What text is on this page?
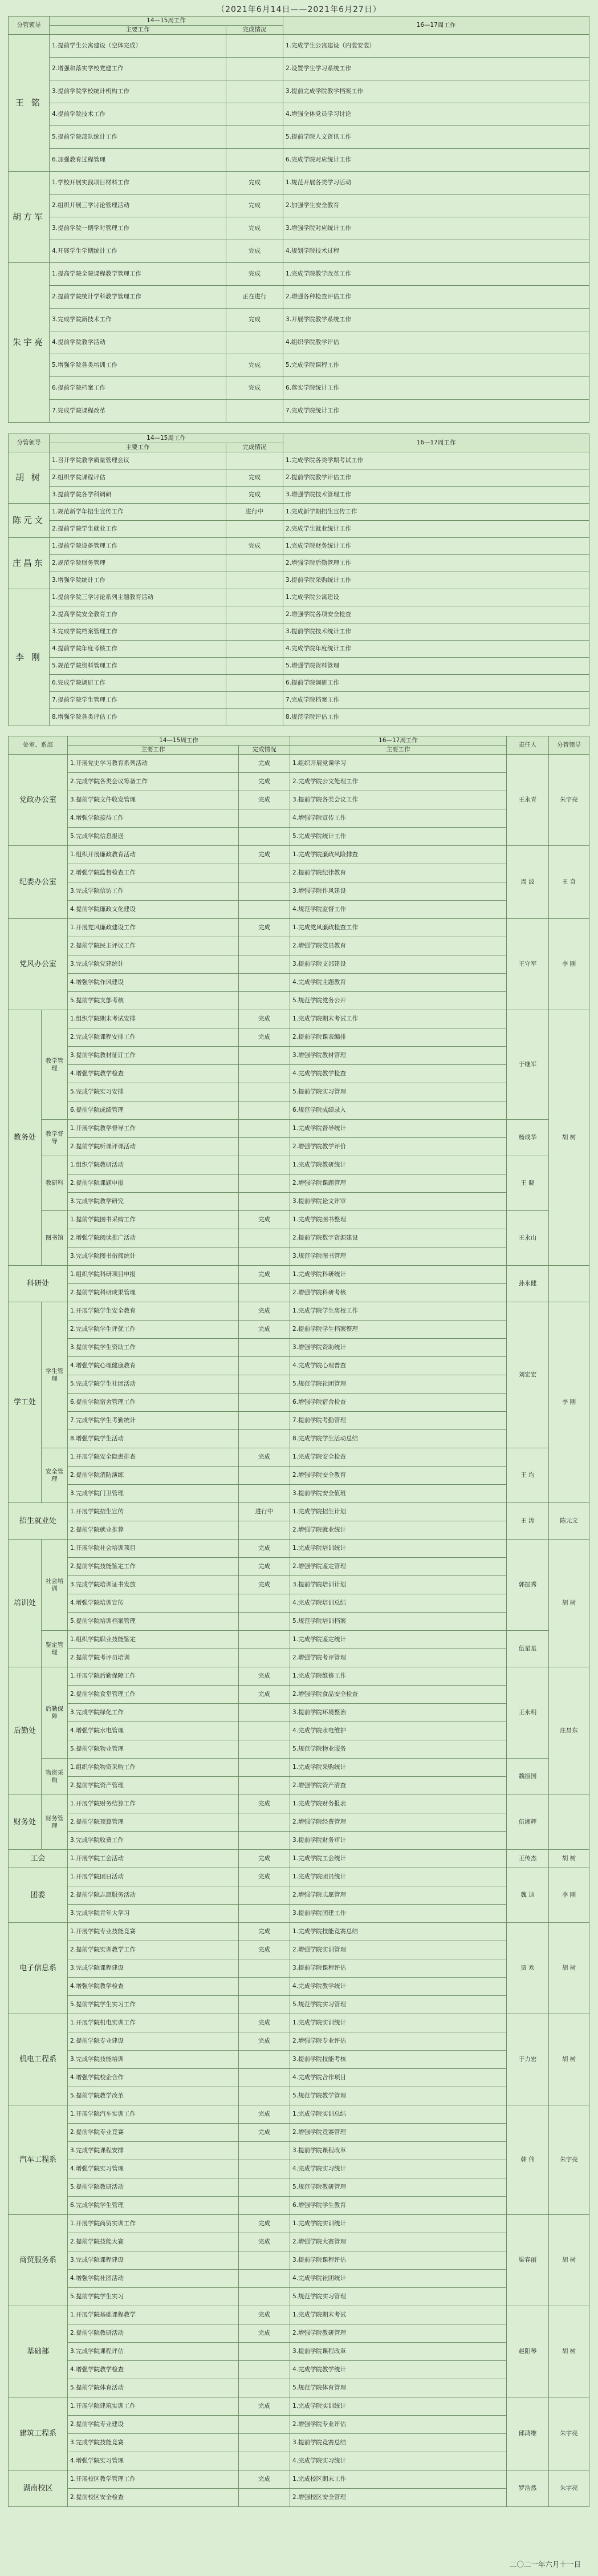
（2021年6月14日——2021年6月27日）
分管领导	14—15周工作		16—17周工作
	主要工作	完成情况	
王 铭	1.提前学生公寓建设（空体完成）		1.完成学生公寓建设（内装安装）
	2.增强和落实学校党建工作		2.设置学生学习系统工作
	3.提前学院学校统计机构工作		3.提前完成学院教学档案工作
	4.提前学院技术工作		4.增强全体党员学习讨论
	5.提前学院部队统计工作		5.提前学院人文资讯工作
	6.加强教育过程管理		6.完成学院对应统计工作
胡方军	1.学校开展实践项目材料工作	完成	1.规范开展各类学习活动
	2.组织开展三学讨论管理活动	完成	2.加强学生安全教育
	3.提前学院一期学时管理工作	完成	3.增强学院对应统计工作
	4.开展学生学期统计工作	完成	4.规划学院技术过程
朱宇亮	1.提高学院全院课程教学管理工作	完成	1.完成学院教学改革工作
	2.提前学院统计学科教学管理工作	正在进行	2.增强各种检查评估工作
	3.完成学院新技术工作	完成	3.开展学院教学系统工作
	4.提前学院教学活动		4.组织学院教学评估
	5.增强学院各类培训工作	完成	5.完成学院课程工作
	6.提前学院档案工作	完成	6.落实学院统计工作
	7.完成学院课程改革		7.完成学院统计工作
分管领导	14—15周工作		16—17周工作
	主要工作	完成情况	
胡 树	1.召开学院教学质量管理会议		1.完成学院各类学期考试工作
	2.组织学院课程评估	完成	2.提前学院教学评估工作
	3.提前学院各学科调研	完成	3.增强学院技术管理工作
陈元文	1.规范新学年招生宣传工作	进行中	1.完成新学期招生宣传工作
	2.提前学院学生就业工作		2.完成学生就业统计工作
庄昌东	1.提前学院设备管理工作	完成	1.完成学院财务统计工作
	2.规范学院财务管理		2.增强学院后勤管理工作
	3.增强学院统计工作		3.提前学院采购统计工作
李 刚	1.提前学院三学讨论系列主题教育活动		1.完成学院公寓建设
	2.提高学院安全教育工作		2.增强学院各项安全检查
	3.完成学院档案管理工作		3.提前学院技术统计工作
	4.提前学院年度考核工作		4.完成学院年度统计工作
	5.规范学院资料管理工作		5.增强学院资料管理
	6.完成学院调研工作		6.提前学院调研工作
	7.提前学院学生管理工作		7.完成学院档案工作
	8.增强学院各类评估工作		8.规范学院评估工作
处室、系部		14—15周工作		16—17周工作	责任人	分管领导
		主要工作	完成情况	主要工作		
党政办公室		1.开展党史学习教育系列活动	完成	1.组织开展党课学习	王永青	朱宇亮
		2.完成学院各类会议筹备工作	完成	2.完成学院公文处理工作		
		3.提前学院文件收发管理	完成	3.提前学院各类会议工作		
		4.增强学院接待工作		4.增强学院宣传工作		
		5.完成学院信息报送		5.完成学院统计工作		
纪委办公室		1.组织开展廉政教育活动	完成	1.完成学院廉政风险排查	周 波	王 奇
		2.增强学院监督检查工作		2.提前学院纪律教育		
		3.完成学院信访工作		3.增强学院作风建设		
		4.提前学院廉政文化建设		4.规范学院监督工作		
党风办公室		1.开展党风廉政建设工作	完成	1.完成党风廉政检查工作	王守军	李 刚
		2.提前学院民主评议工作		2.增强学院党员教育		
		3.完成学院党建统计		3.提前学院支部建设		
		4.增强学院作风建设		4.完成学院主题教育		
		5.提前学院支部考核		5.规范学院党务公开		
教务处	教学管理	1.组织学院期末考试安排	完成	1.完成学院期末考试工作	于继军	胡 树
		2.完成学院课程安排工作	完成	2.提前学院课表编排		
		3.提前学院教材征订工作		3.增强学院教材管理		
		4.增强学院教学检查		4.完成学院教学检查		
		5.完成学院实习安排		5.提前学院实习管理		
		6.提前学院成绩管理		6.规范学院成绩录入		
	教学督导	1.开展学院教学督导工作		1.完成学院督导统计	杨成华	
		2.提前学院听课评课活动		2.增强学院教学评价		
	教研科	1.组织学院教研活动		1.完成学院教研统计	王 晓	
		2.提前学院课题申报		2.增强学院课题管理		
		3.完成学院教学研究		3.提前学院论文评审		
	图书馆	1.提前学院图书采购工作	完成	1.完成学院图书整理	王永山	
		2.增强学院阅读推广活动		2.提前学院数字资源建设		
		3.完成学院图书借阅统计		3.规范学院图书管理		
科研处		1.组织学院科研项目申报	完成	1.完成学院科研统计	孙永健	
		2.提前学院科研成果管理		2.增强学院科研考核		
学工处	学生管理	1.开展学院学生安全教育	完成	1.完成学院学生离校工作	刘宏宏	李 刚
		2.完成学院学生评优工作	完成	2.提前学院学生档案整理		
		3.提前学院学生资助工作		3.增强学院资助统计		
		4.增强学院心理健康教育		4.完成学院心理普查		
		5.完成学院学生社团活动		5.规范学院社团管理		
		6.提前学院宿舍管理工作		6.增强学院宿舍检查		
		7.完成学院学生考勤统计		7.提前学院考勤管理		
		8.增强学院学生活动		8.完成学院学生活动总结		
	安全管理	1.开展学院安全隐患排查	完成	1.完成学院安全检查	王 均	
		2.提前学院消防演练		2.增强学院安全教育		
		3.完成学院门卫管理		3.提前学院安全值班		
招生就业处		1.开展学院招生宣传	进行中	1.完成学院招生计划	王 涛	陈元文
		2.提前学院就业推荐		2.增强学院就业统计		
培训处	社会培训	1.开展学院社会培训项目	完成	1.完成学院培训统计	郭振秀	胡 树
		2.提前学院技能鉴定工作	完成	2.增强学院鉴定管理		
		3.完成学院培训证书发放	完成	3.提前学院培训计划		
		4.增强学院培训宣传		4.完成学院培训总结		
		5.提前学院培训档案管理		5.规范学院培训档案		
	鉴定管理	1.组织学院职业技能鉴定		1.完成学院鉴定统计	伍星星	
		2.提前学院考评员培训		2.增强学院考评管理		
后勤处	后勤保障	1.开展学院后勤保障工作	完成	1.完成学院维修工作	王永明	庄昌东
		2.提前学院食堂管理工作	完成	2.增强学院食品安全检查		
		3.完成学院绿化工作		3.提前学院环境整治		
		4.增强学院水电管理		4.完成学院水电维护		
		5.提前学院物业管理		5.规范学院物业服务		
	物资采购	1.组织学院物资采购工作		1.完成学院采购统计	魏振国	
		2.提前学院资产管理		2.增强学院资产清查		
财务处	财务管理	1.开展学院财务结算工作	完成	1.完成学院财务报表	伍湘辉	
		2.提前学院预算管理		2.增强学院经费管理		
		3.完成学院收费工作		3.提前学院财务审计		
工会		1.开展学院工会活动	完成	1.完成学院工会统计	王传杰	胡 树
团委		1.开展学院团日活动	完成	1.完成学院团员统计	魏 迪	李 刚
		2.提前学院志愿服务活动		2.增强学院志愿管理		
		3.完成学院青年大学习		3.提前学院团建工作		
电子信息系		1.开展学院专业技能竞赛	完成	1.完成学院技能竞赛总结	贾 欢	胡 树
		2.提前学院实训教学工作	完成	2.增强学院实训管理		
		3.完成学院课程建设		3.提前学院课程评估		
		4.增强学院教学检查		4.完成学院教学统计		
		5.提前学院学生实习工作		5.规范学院实习管理		
机电工程系		1.开展学院机电实训工作	完成	1.完成学院实训统计	于力宏	胡 树
		2.提前学院专业建设	完成	2.增强学院专业评估		
		3.完成学院技能培训		3.提前学院技能考核		
		4.增强学院校企合作		4.完成学院合作项目		
		5.提前学院教学改革		5.规范学院教学管理		
汽车工程系		1.开展学院汽车实训工作	完成	1.完成学院实训总结	韩 伟	朱宇亮
		2.提前学院专业竞赛	完成	2.增强学院竞赛管理		
		3.完成学院课程安排		3.提前学院课程改革		
		4.增强学院实习管理		4.完成学院实习统计		
		5.提前学院教研活动		5.规范学院教研管理		
		6.完成学院学生管理		6.增强学院学生教育		
商贸服务系		1.开展学院商贸实训工作	完成	1.完成学院实训统计	梁春丽	胡 树
		2.提前学院技能大赛	完成	2.增强学院大赛管理		
		3.完成学院课程建设		3.提前学院课程评估		
		4.增强学院社团活动		4.完成学院社团统计		
		5.提前学院学生实习		5.规范学院实习管理		
基础部		1.开展学院基础课程教学	完成	1.完成学院期末考试	赵阳琴	胡 树
		2.提前学院教研活动	完成	2.增强学院教研管理		
		3.完成学院课程评估		3.提前学院课程改革		
		4.增强学院教学检查		4.完成学院教学统计		
		5.提前学院体育活动		5.规范学院体育管理		
建筑工程系		1.开展学院建筑实训工作	完成	1.完成学院实训统计	邱鸿维	朱宇亮
		2.提前学院专业建设		2.增强学院专业评估		
		3.完成学院技能竞赛		3.提前学院竞赛总结		
		4.增强学院实习管理		4.完成学院实习统计		
湖南校区		1.开展校区教学管理工作	完成	1.完成校区期末工作	罗浩然	朱宇亮
		2.提前校区安全检查		2.增强校区安全管理		
二〇二一年六月十一日
